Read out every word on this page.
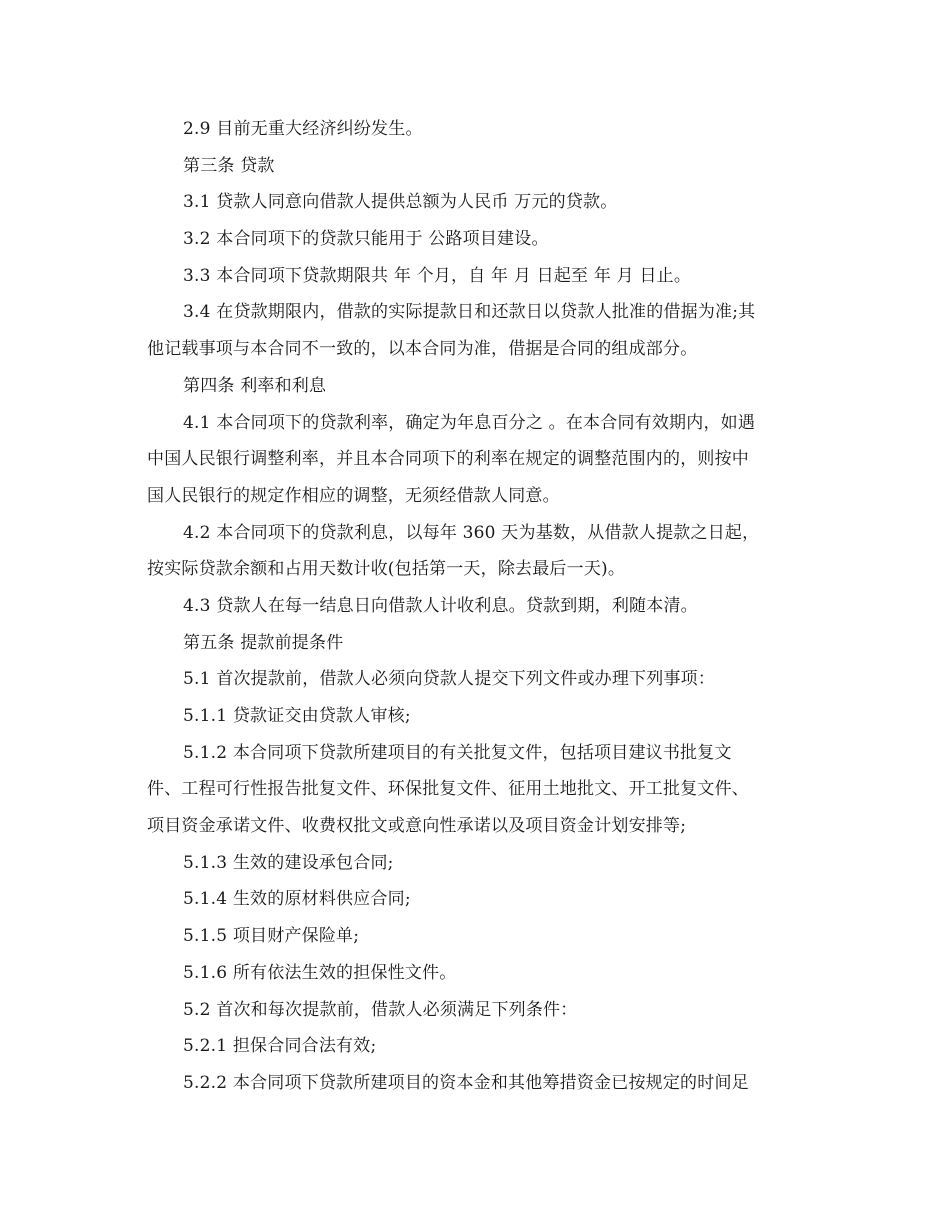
2.9 目前无重大经济纠纷发生。
第三条 贷款
3.1 贷款人同意向借款人提供总额为人民币 万元的贷款。
3.2 本合同项下的贷款只能用于 公路项目建设。
3.3 本合同项下贷款期限共 年 个月，自 年 月 日起至 年 月 日止。
3.4 在贷款期限内，借款的实际提款日和还款日以贷款人批准的借据为准;其
他记载事项与本合同不一致的，以本合同为准，借据是合同的组成部分。
第四条 利率和利息
4.1 本合同项下的贷款利率，确定为年息百分之 。在本合同有效期内，如遇
中国人民银行调整利率，并且本合同项下的利率在规定的调整范围内的，则按中
国人民银行的规定作相应的调整，无须经借款人同意。
4.2 本合同项下的贷款利息，以每年 360 天为基数，从借款人提款之日起，
按实际贷款余额和占用天数计收(包括第一天，除去最后一天)。
4.3 贷款人在每一结息日向借款人计收利息。贷款到期，利随本清。
第五条 提款前提条件
5.1 首次提款前，借款人必须向贷款人提交下列文件或办理下列事项：
5.1.1 贷款证交由贷款人审核;
5.1.2 本合同项下贷款所建项目的有关批复文件，包括项目建议书批复文
件、工程可行性报告批复文件、环保批复文件、征用土地批文、开工批复文件、
项目资金承诺文件、收费权批文或意向性承诺以及项目资金计划安排等;
5.1.3 生效的建设承包合同;
5.1.4 生效的原材料供应合同;
5.1.5 项目财产保险单;
5.1.6 所有依法生效的担保性文件。
5.2 首次和每次提款前，借款人必须满足下列条件：
5.2.1 担保合同合法有效;
5.2.2 本合同项下贷款所建项目的资本金和其他筹措资金已按规定的时间足
